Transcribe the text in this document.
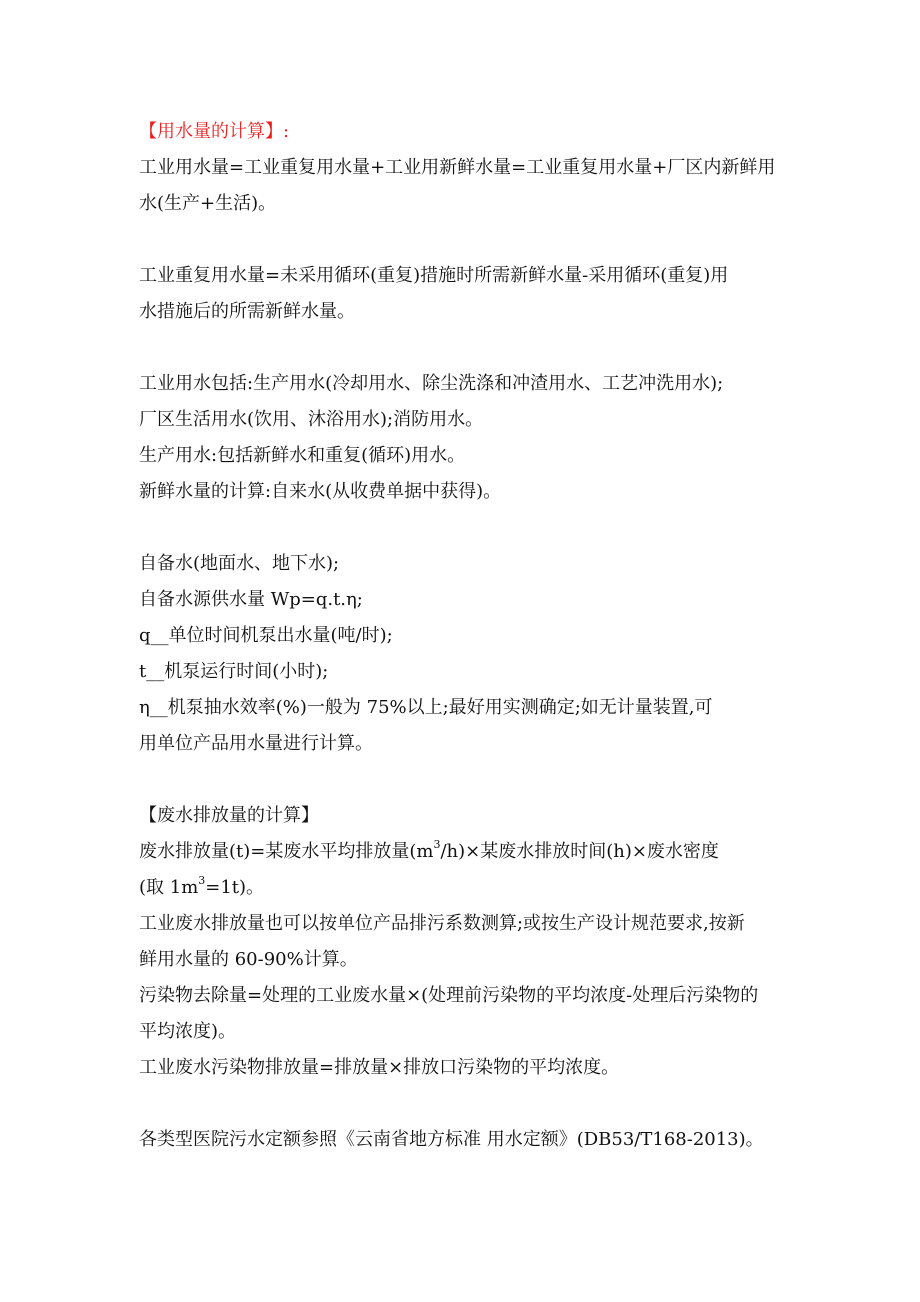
【用水量的计算】:
工业用水量=工业重复用水量+工业用新鲜水量=工业重复用水量+厂区内新鲜用
水(生产+生活)。
工业重复用水量=未采用循环(重复)措施时所需新鲜水量-采用循环(重复)用
水措施后的所需新鲜水量。
工业用水包括:生产用水(冷却用水、除尘洗涤和冲渣用水、工艺冲洗用水);
厂区生活用水(饮用、沐浴用水);消防用水。
生产用水:包括新鲜水和重复(循环)用水。
新鲜水量的计算:自来水(从收费单据中获得)。
自备水(地面水、地下水);
自备水源供水量 Wp=q.t.η;
q__单位时间机泵出水量(吨/时);
t__机泵运行时间(小时);
η__机泵抽水效率(%)一般为 75%以上;最好用实测确定;如无计量装置,可
用单位产品用水量进行计算。
【废水排放量的计算】
废水排放量(t)=某废水平均排放量$(m^3/h)\times$某废水排放时间(h)×废水密度
(取 $1m^3=1t$)。
工业废水排放量也可以按单位产品排污系数测算;或按生产设计规范要求,按新
鲜用水量的 60-90%计算。
污染物去除量=处理的工业废水量×(处理前污染物的平均浓度-处理后污染物的
平均浓度)。
工业废水污染物排放量=排放量×排放口污染物的平均浓度。
各类型医院污水定额参照《云南省地方标准 用水定额》(DB53/T168-2013)。
